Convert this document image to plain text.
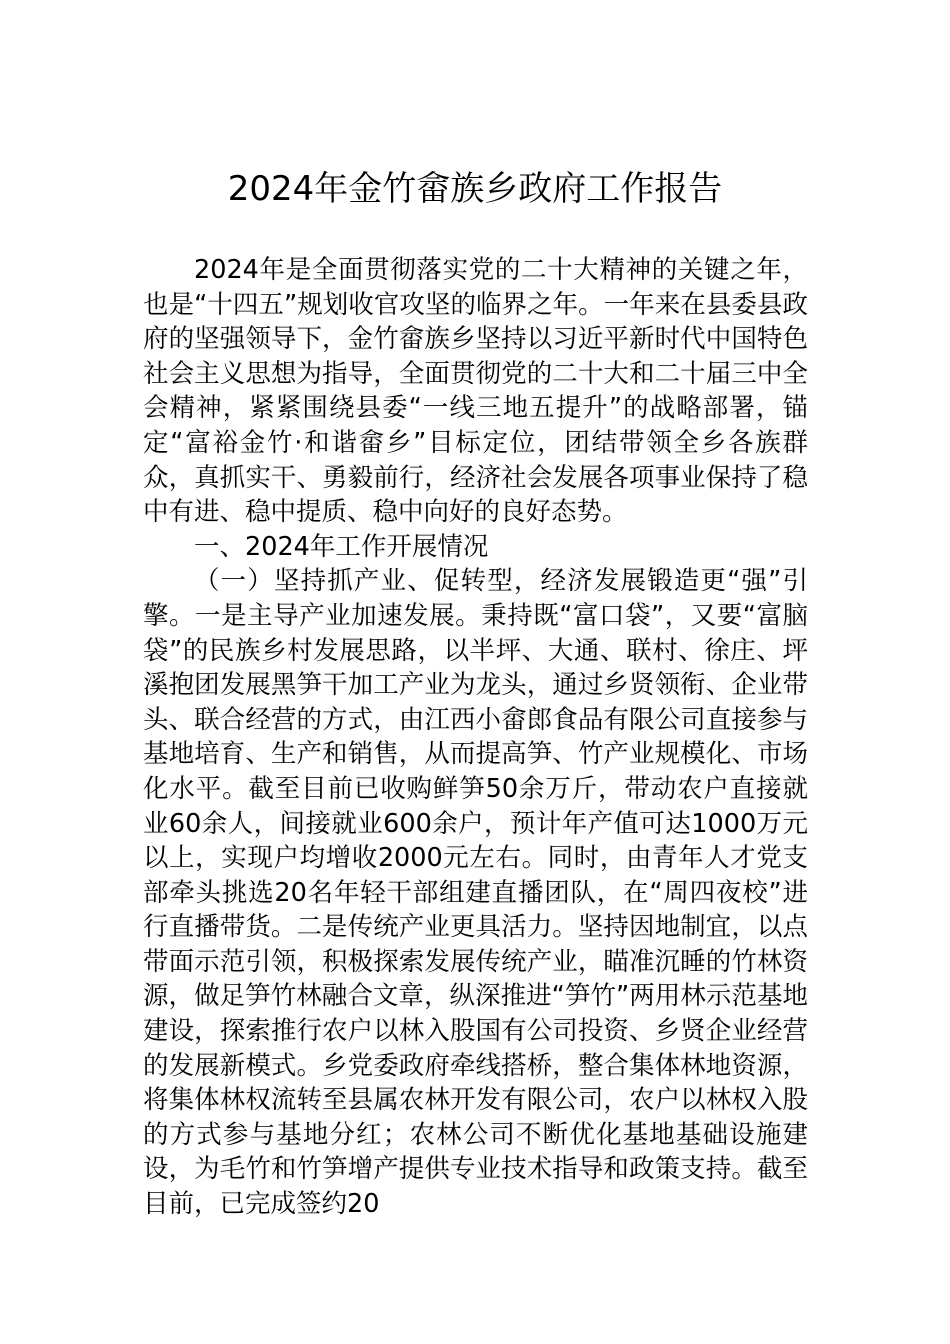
2024年金竹畲族乡政府工作报告

2024年是全面贯彻落实党的二十大精神的关键之年，也是“十四五”规划收官攻坚的临界之年。一年来在县委县政府的坚强领导下，金竹畲族乡坚持以习近平新时代中国特色社会主义思想为指导，全面贯彻党的二十大和二十届三中全会精神，紧紧围绕县委“一线三地五提升”的战略部署，锚定“富裕金竹·和谐畲乡”目标定位，团结带领全乡各族群众，真抓实干、勇毅前行，经济社会发展各项事业保持了稳中有进、稳中提质、稳中向好的良好态势。

一、2024年工作开展情况

（一）坚持抓产业、促转型，经济发展锻造更“强”引擎。一是主导产业加速发展。秉持既“富口袋”，又要“富脑袋”的民族乡村发展思路，以半坪、大通、联村、徐庄、坪溪抱团发展黑笋干加工产业为龙头，通过乡贤领衔、企业带头、联合经营的方式，由江西小畲郎食品有限公司直接参与基地培育、生产和销售，从而提高笋、竹产业规模化、市场化水平。截至目前已收购鲜笋50余万斤，带动农户直接就业60余人，间接就业600余户，预计年产值可达1000万元以上，实现户均增收2000元左右。同时，由青年人才党支部牵头挑选20名年轻干部组建直播团队，在“周四夜校”进行直播带货。二是传统产业更具活力。坚持因地制宜，以点带面示范引领，积极探索发展传统产业，瞄准沉睡的竹林资源，做足笋竹林融合文章，纵深推进“笋竹”两用林示范基地建设，探索推行农户以林入股国有公司投资、乡贤企业经营的发展新模式。乡党委政府牵线搭桥，整合集体林地资源，将集体林权流转至县属农林开发有限公司，农户以林权入股的方式参与基地分红；农林公司不断优化基地基础设施建设，为毛竹和竹笋增产提供专业技术指导和政策支持。截至目前，已完成签约20
